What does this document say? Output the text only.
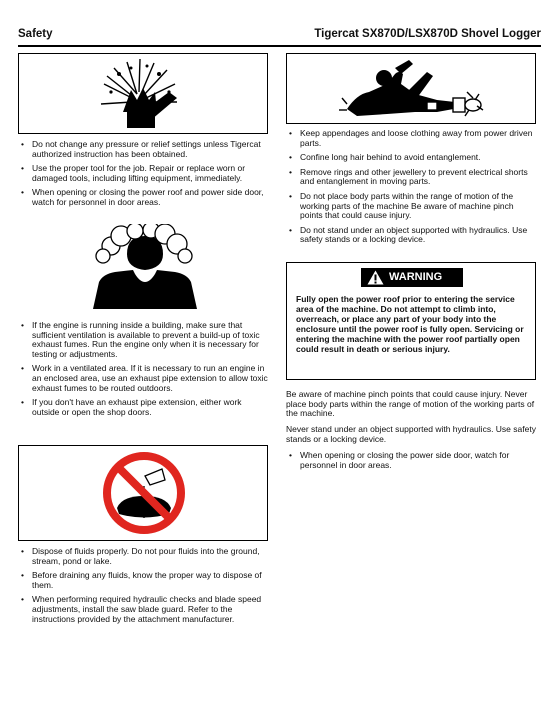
Safety	Tigercat SX870D/LSX870D Shovel Logger
• Do not change any pressure or relief settings unless Tigercat authorized instruction has been obtained.
• Use the proper tool for the job. Repair or replace worn or damaged tools, including lifting equipment, immediately.
• When opening or closing the power roof and power side door, watch for personnel in door areas.
• If the engine is running inside a building, make sure that sufficient ventilation is available to prevent a build-up of toxic exhaust fumes. Run the engine only when it is necessary for testing or adjustments.
• Work in a ventilated area. If it is necessary to run an engine in an enclosed area, use an exhaust pipe extension to allow toxic exhaust fumes to be routed outdoors.
• If you don't have an exhaust pipe extension, either work outside or open the shop doors.
• Dispose of fluids properly. Do not pour fluids into the ground, stream, pond or lake.
• Before draining any fluids, know the proper way to dispose of them.
• When performing required hydraulic checks and blade speed adjustments, install the saw blade guard. Refer to the instructions provided by the attachment manufacturer.
• Keep appendages and loose clothing away from power driven parts.
• Confine long hair behind to avoid entanglement.
• Remove rings and other jewellery to prevent electrical shorts and entanglement in moving parts.
• Do not place body parts within the range of motion of the working parts of the machine Be aware of machine pinch points that could cause injury.
• Do not stand under an object supported with hydraulics. Use safety stands or a locking device.
WARNING

Fully open the power roof prior to entering the service area of the machine. Do not attempt to climb into, overreach, or place any part of your body into the enclosure until the power roof is fully open. Servicing or entering the machine with the power roof partially open could result in death or serious injury.

Be aware of machine pinch points that could cause injury. Never place body parts within the range of motion of the working parts of the machine.

Never stand under an object supported with hydraulics. Use safety stands or a locking device.

• When opening or closing the power side door, watch for personnel in door areas.
